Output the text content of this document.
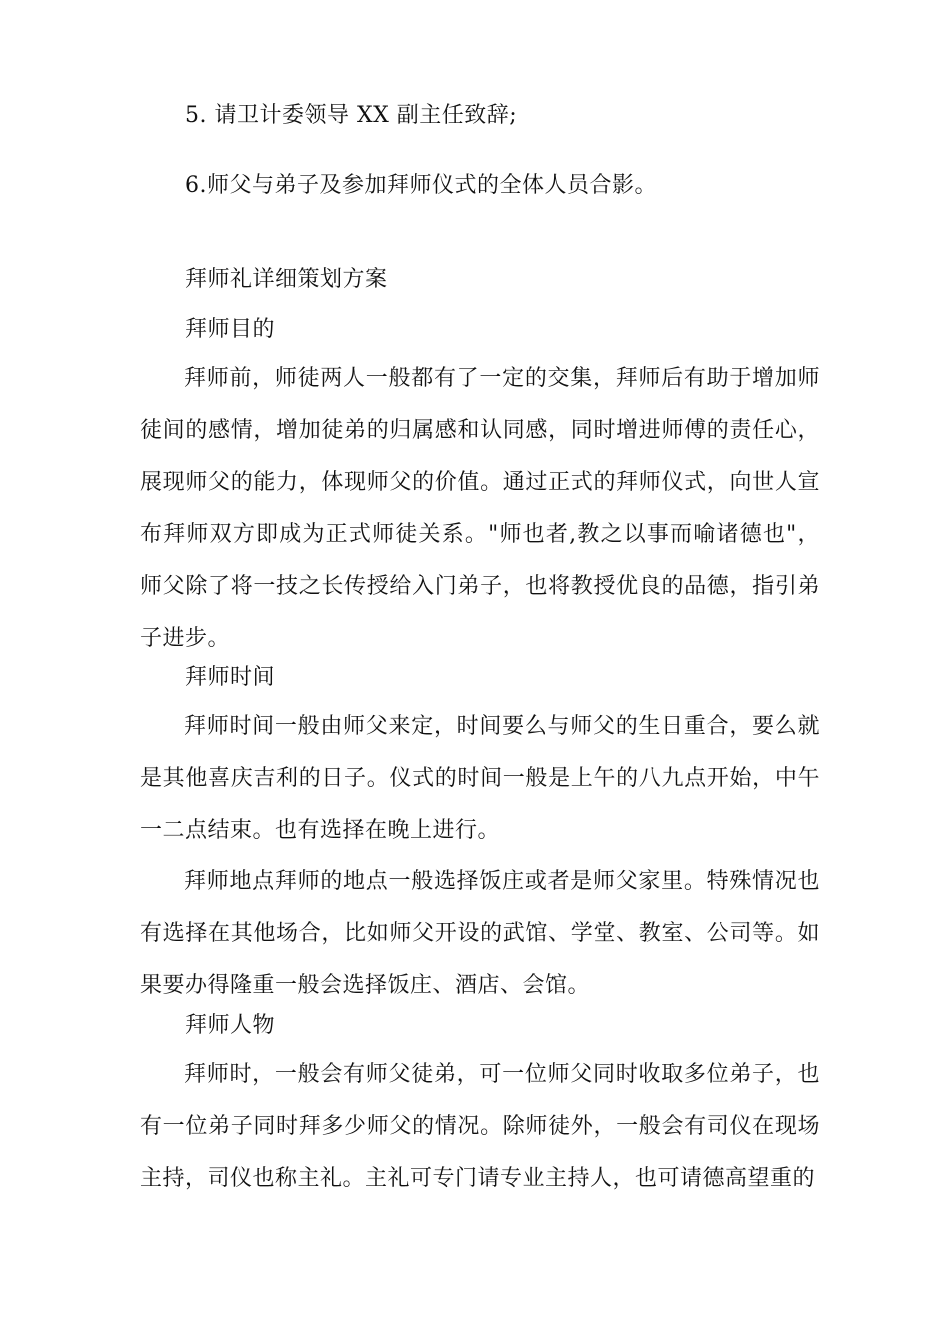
5. 请卫计委领导 XX 副主任致辞;
6.师父与弟子及参加拜师仪式的全体人员合影。
拜师礼详细策划方案
拜师目的
拜师前，师徒两人一般都有了一定的交集，拜师后有助于增加师徒间的感情，增加徒弟的归属感和认同感，同时增进师傅的责任心，展现师父的能力，体现师父的价值。通过正式的拜师仪式，向世人宣布拜师双方即成为正式师徒关系。"师也者,教之以事而喻诸德也"，师父除了将一技之长传授给入门弟子，也将教授优良的品德，指引弟子进步。
拜师时间
拜师时间一般由师父来定，时间要么与师父的生日重合，要么就是其他喜庆吉利的日子。仪式的时间一般是上午的八九点开始，中午一二点结束。也有选择在晚上进行。
拜师地点拜师的地点一般选择饭庄或者是师父家里。特殊情况也有选择在其他场合，比如师父开设的武馆、学堂、教室、公司等。如果要办得隆重一般会选择饭庄、酒店、会馆。
拜师人物
拜师时，一般会有师父徒弟，可一位师父同时收取多位弟子，也有一位弟子同时拜多少师父的情况。除师徒外，一般会有司仪在现场主持，司仪也称主礼。主礼可专门请专业主持人，也可请德高望重的
